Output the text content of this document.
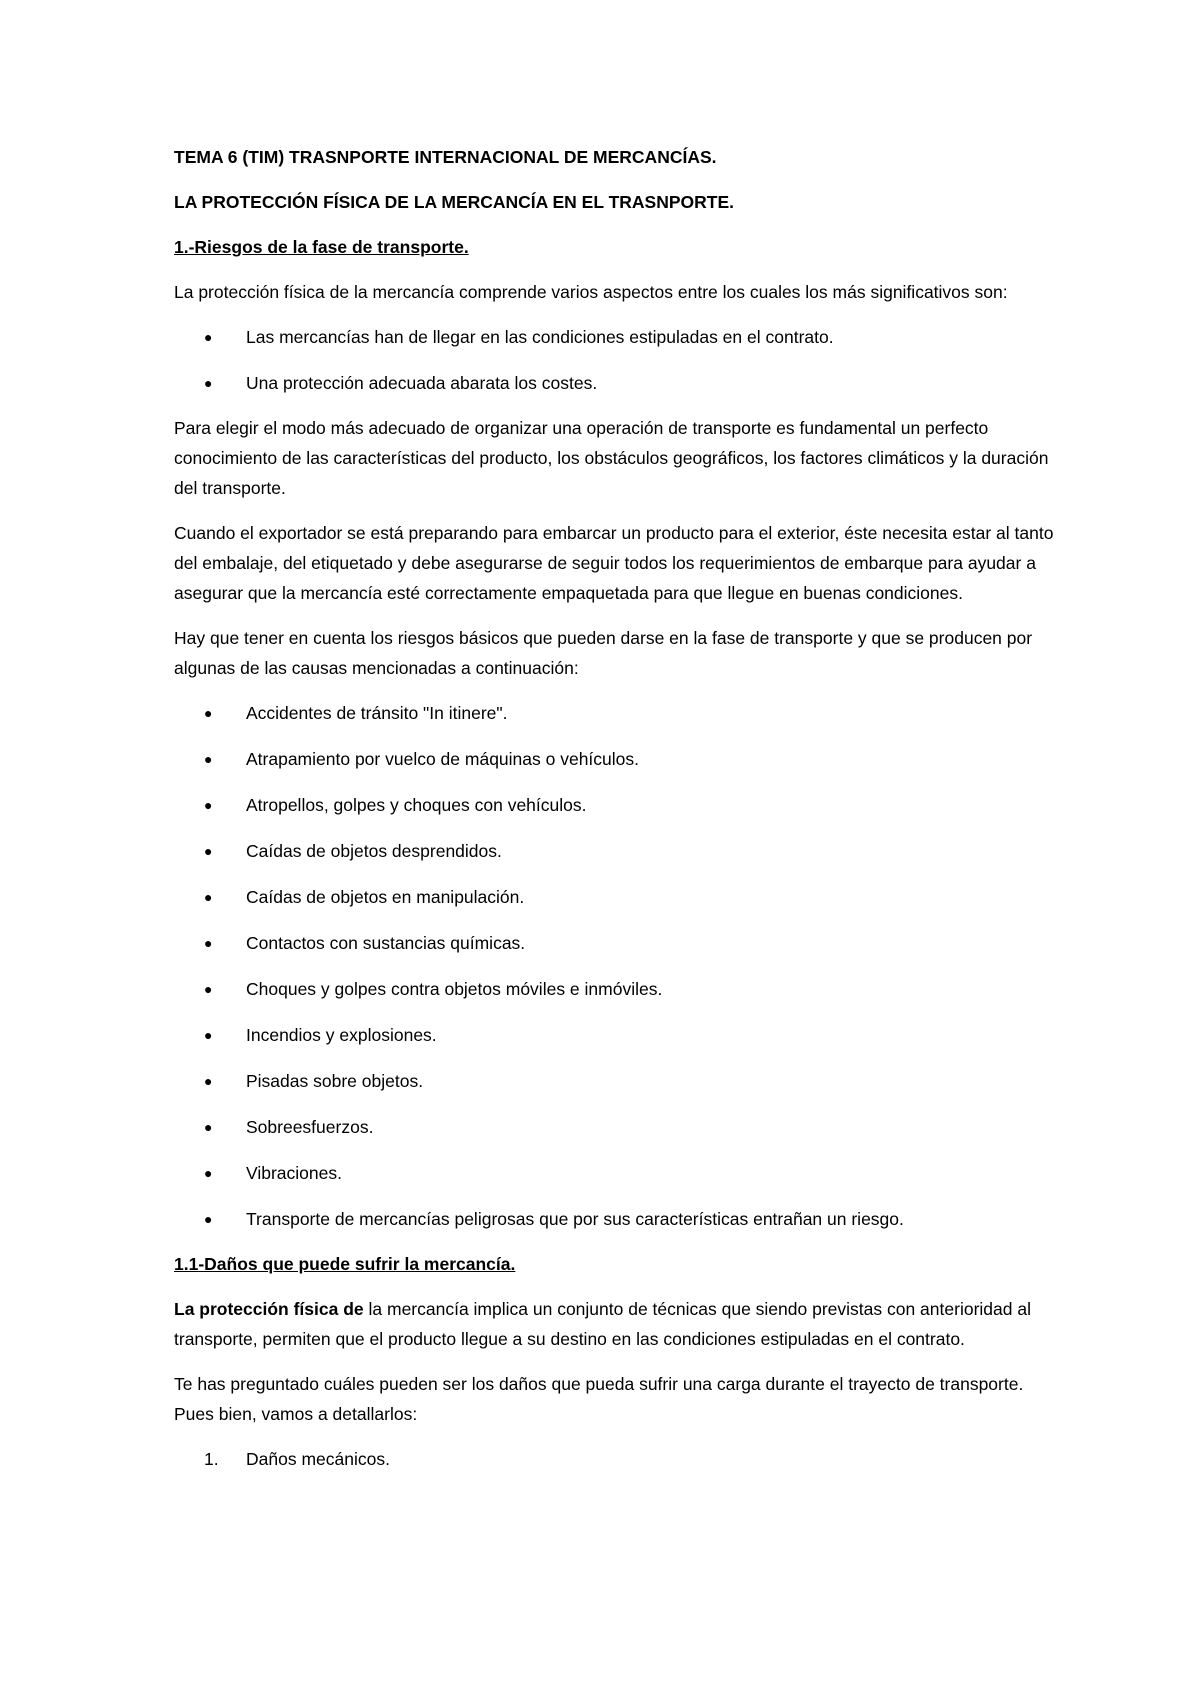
TEMA 6 (TIM) TRASNPORTE INTERNACIONAL DE MERCANCÍAS.
LA PROTECCIÓN FÍSICA DE LA MERCANCÍA EN EL TRASNPORTE.
1.-Riesgos de la fase de transporte.

La protección física de la mercancía comprende varios aspectos entre los cuales los más significativos son:

● Las mercancías han de llegar en las condiciones estipuladas en el contrato.
● Una protección adecuada abarata los costes.

Para elegir el modo más adecuado de organizar una operación de transporte es fundamental un perfecto conocimiento de las características del producto, los obstáculos geográficos, los factores climáticos y la duración del transporte.

Cuando el exportador se está preparando para embarcar un producto para el exterior, éste necesita estar al tanto del embalaje, del etiquetado y debe asegurarse de seguir todos los requerimientos de embarque para ayudar a asegurar que la mercancía esté correctamente empaquetada para que llegue en buenas condiciones.

Hay que tener en cuenta los riesgos básicos que pueden darse en la fase de transporte y que se producen por algunas de las causas mencionadas a continuación:

● Accidentes de tránsito "In itinere".
● Atrapamiento por vuelco de máquinas o vehículos.
● Atropellos, golpes y choques con vehículos.
● Caídas de objetos desprendidos.
● Caídas de objetos en manipulación.
● Contactos con sustancias químicas.
● Choques y golpes contra objetos móviles e inmóviles.
● Incendios y explosiones.
● Pisadas sobre objetos.
● Sobreesfuerzos.
● Vibraciones.
● Transporte de mercancías peligrosas que por sus características entrañan un riesgo.
1.1-Daños que puede sufrir la mercancía.

La protección física de la mercancía implica un conjunto de técnicas que siendo previstas con anterioridad al transporte, permiten que el producto llegue a su destino en las condiciones estipuladas en el contrato.

Te has preguntado cuáles pueden ser los daños que pueda sufrir una carga durante el trayecto de transporte. Pues bien, vamos a detallarlos:

1. Daños mecánicos.
